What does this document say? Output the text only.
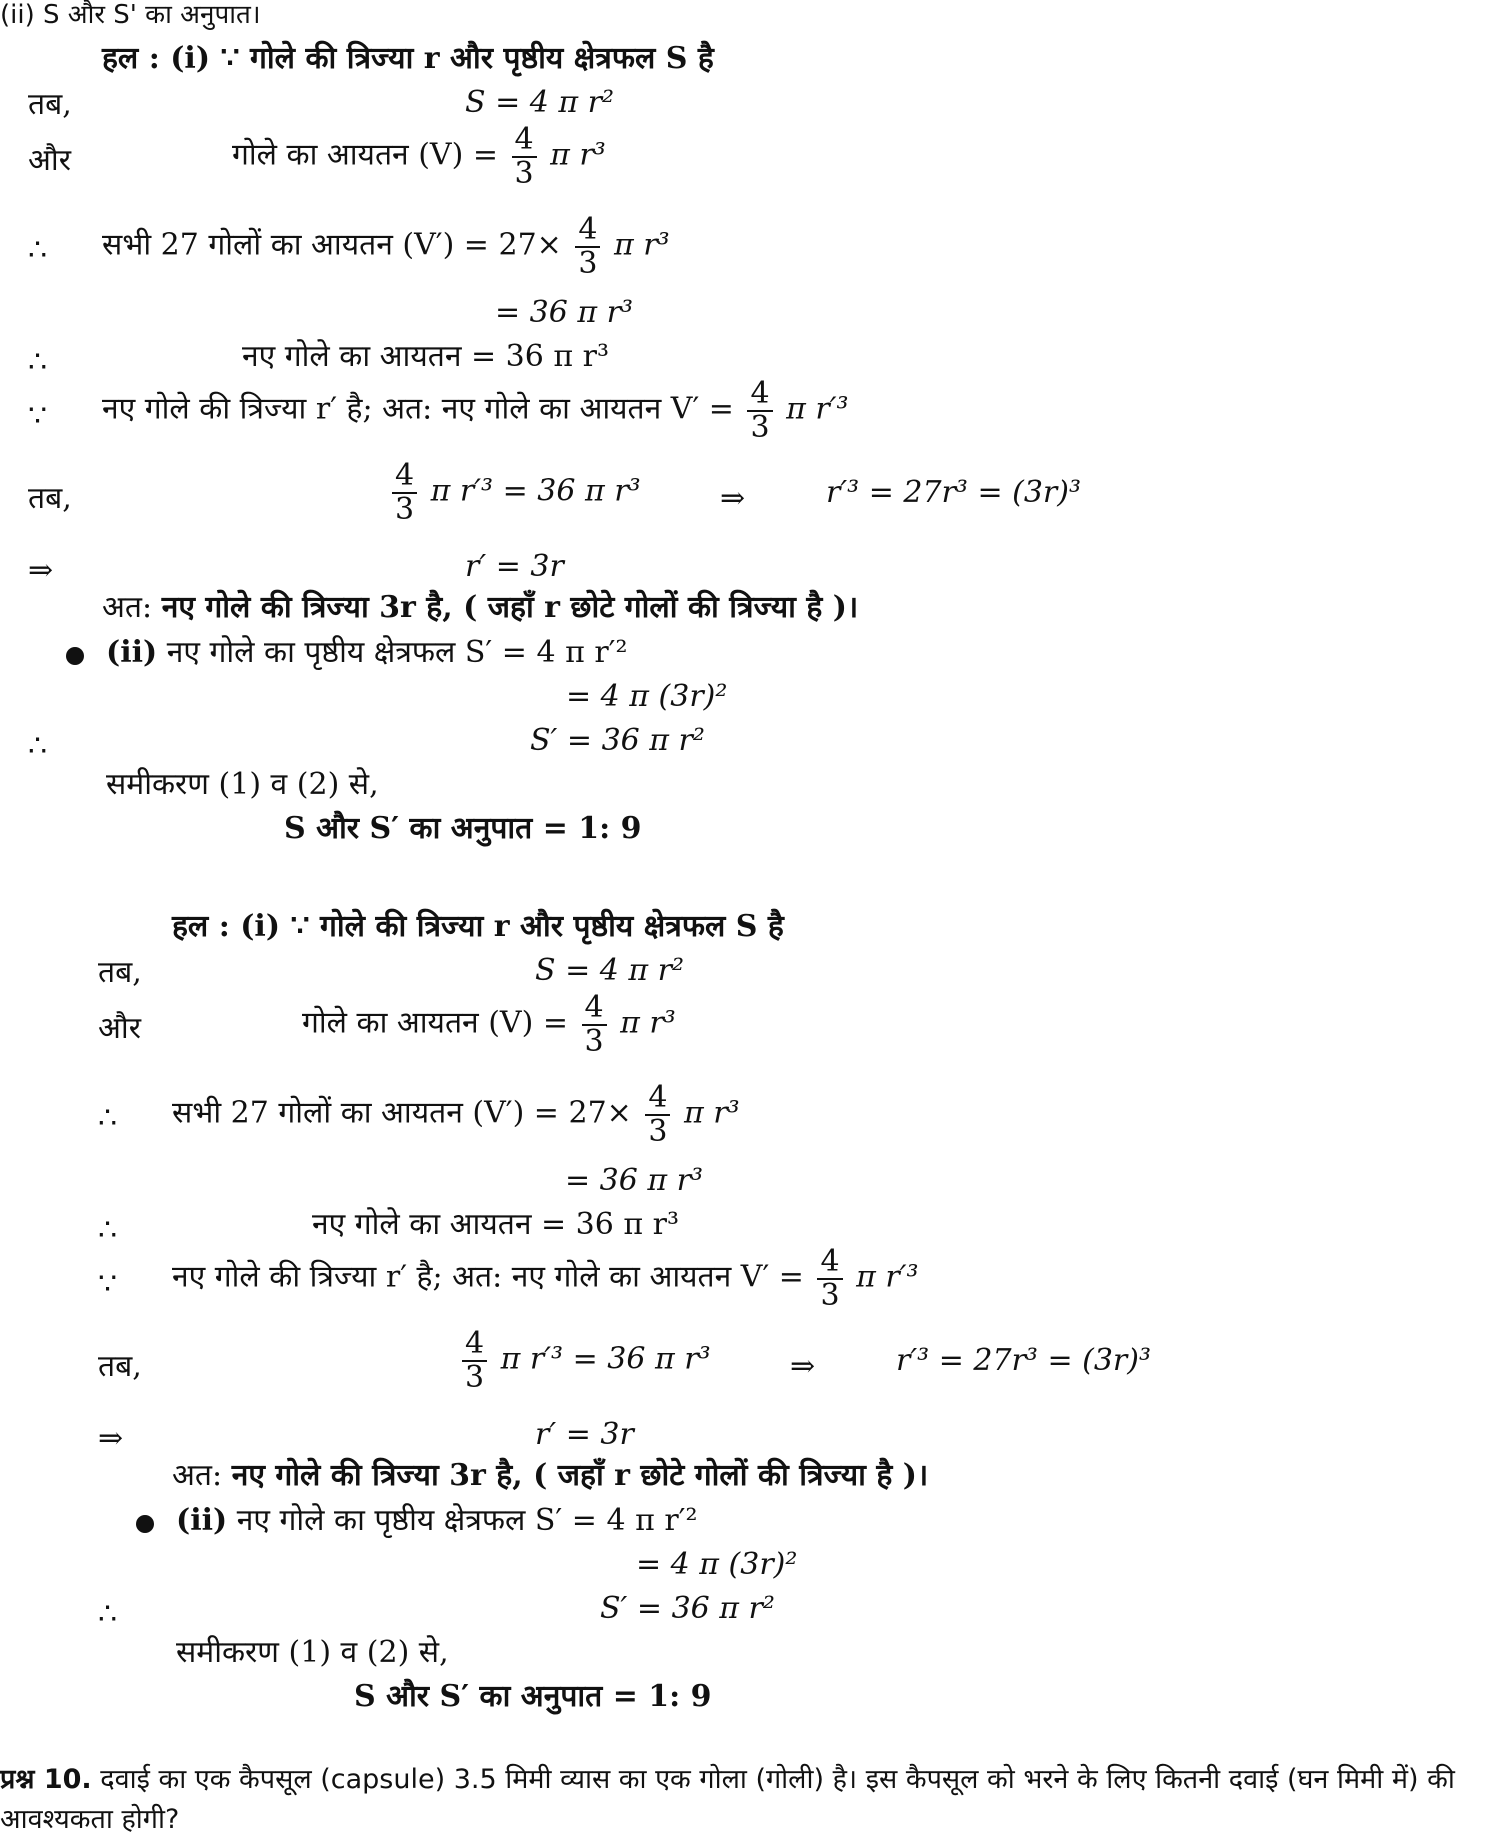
(ii) S और S' का अनुपात।
हल : (i) ∵ गोले की त्रिज्या r और पृष्ठीय क्षेत्रफल S है
तब,	S = 4 π r²
और	गोले का आयतन $(V) = \frac{4}{3}$ π r³
∴ सभी 27 गोलों का आयतन $(V') = 27\times \frac{4}{3}$ π r³
= 36 π r³
∴	नए गोले का आयतन = 36 π r³
∵ नए गोले की त्रिज्या r′ है; अत: नए गोले का आयतन $V' = \frac{4}{3}$ π r′³
तब,	$\frac{4}{3}$ π r′³ = 36 π r³	⇒	r′³ = 27r³ = (3r)³
⇒	r′ = 3r
अत: नए गोले की त्रिज्या 3r है, ( जहाँ r छोटे गोलों की त्रिज्या है )।
(ii) नए गोले का पृष्ठीय क्षेत्रफल S′ = 4 π r′²
= 4 π (3r)²
∴	S′ = 36 π r²
समीकरण (1) व (2) से,
S और S′ का अनुपात = 1: 9
हल : (i) ∵ गोले की त्रिज्या r और पृष्ठीय क्षेत्रफल S है
तब,	S = 4 π r²
और	गोले का आयतन $(V) = \frac{4}{3}$ π r³
∴ सभी 27 गोलों का आयतन $(V') = 27\times \frac{4}{3}$ π r³
= 36 π r³
∴	नए गोले का आयतन = 36 π r³
∵ नए गोले की त्रिज्या r′ है; अत: नए गोले का आयतन $V' = \frac{4}{3}$ π r′³
तब,	$\frac{4}{3}$ π r′³ = 36 π r³	⇒	r′³ = 27r³ = (3r)³
⇒	r′ = 3r
अत: नए गोले की त्रिज्या 3r है, ( जहाँ r छोटे गोलों की त्रिज्या है )।
(ii) नए गोले का पृष्ठीय क्षेत्रफल S′ = 4 π r′²
= 4 π (3r)²
∴	S′ = 36 π r²
समीकरण (1) व (2) से,
S और S′ का अनुपात = 1: 9
प्रश्न 10. दवाई का एक कैपसूल (capsule) 3.5 मिमी व्यास का एक गोला (गोली) है। इस कैपसूल को भरने के लिए कितनी दवाई (घन मिमी में) की
आवश्यकता होगी?
